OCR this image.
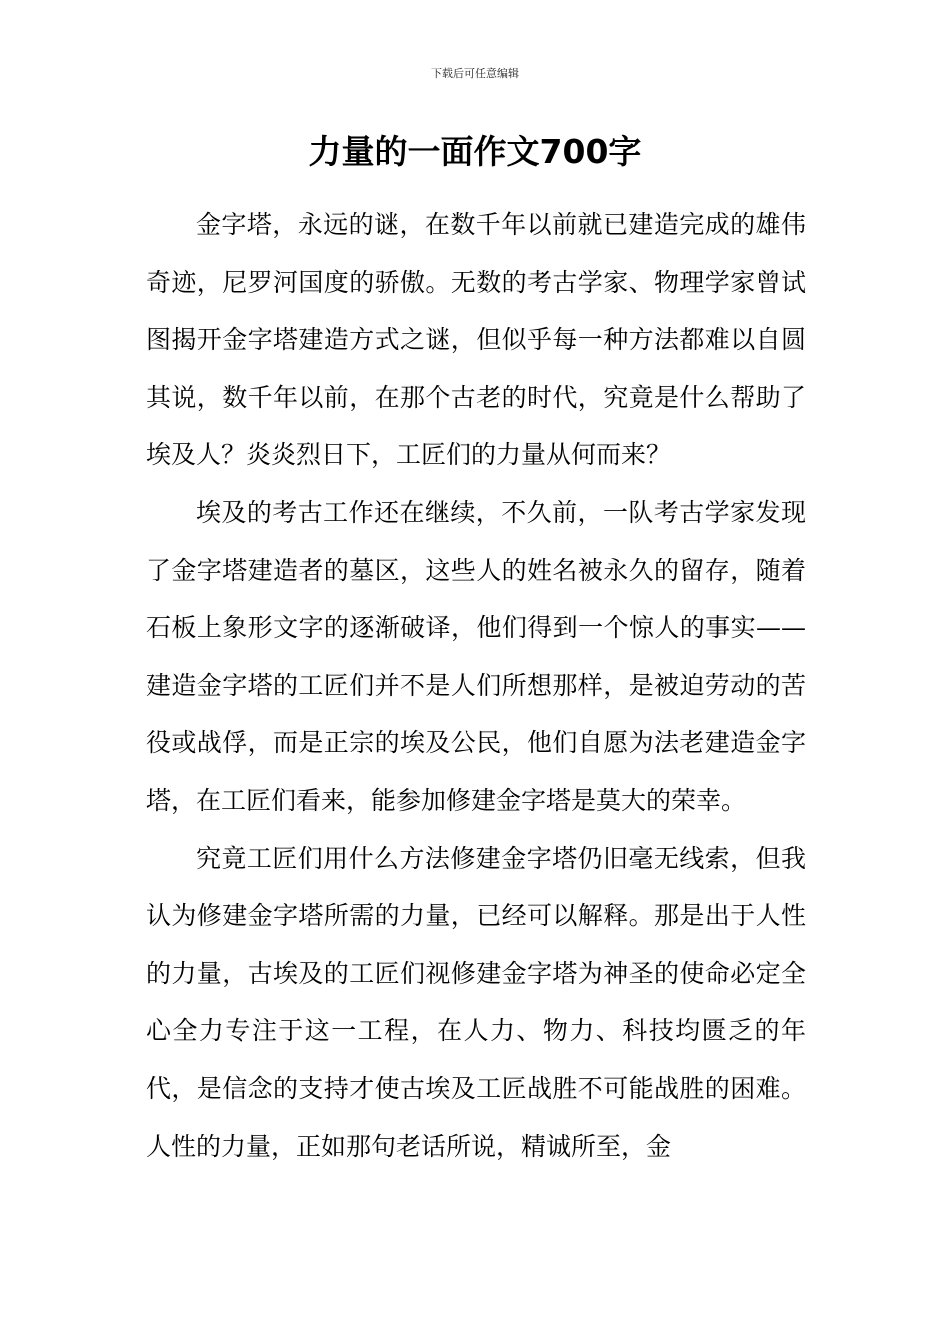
下载后可任意编辑
力量的一面作文700字

金字塔，永远的谜，在数千年以前就已建造完成的雄伟奇迹，尼罗河国度的骄傲。无数的考古学家、物理学家曾试图揭开金字塔建造方式之谜，但似乎每一种方法都难以自圆其说，数千年以前，在那个古老的时代，究竟是什么帮助了埃及人？炎炎烈日下，工匠们的力量从何而来？

埃及的考古工作还在继续，不久前，一队考古学家发现了金字塔建造者的墓区，这些人的姓名被永久的留存，随着石板上象形文字的逐渐破译，他们得到一个惊人的事实——建造金字塔的工匠们并不是人们所想那样，是被迫劳动的苦役或战俘，而是正宗的埃及公民，他们自愿为法老建造金字塔，在工匠们看来，能参加修建金字塔是莫大的荣幸。

究竟工匠们用什么方法修建金字塔仍旧毫无线索，但我认为修建金字塔所需的力量，已经可以解释。那是出于人性的力量，古埃及的工匠们视修建金字塔为神圣的使命必定全心全力专注于这一工程，在人力、物力、科技均匮乏的年代，是信念的支持才使古埃及工匠战胜不可能战胜的困难。人性的力量，正如那句老话所说，精诚所至，金
